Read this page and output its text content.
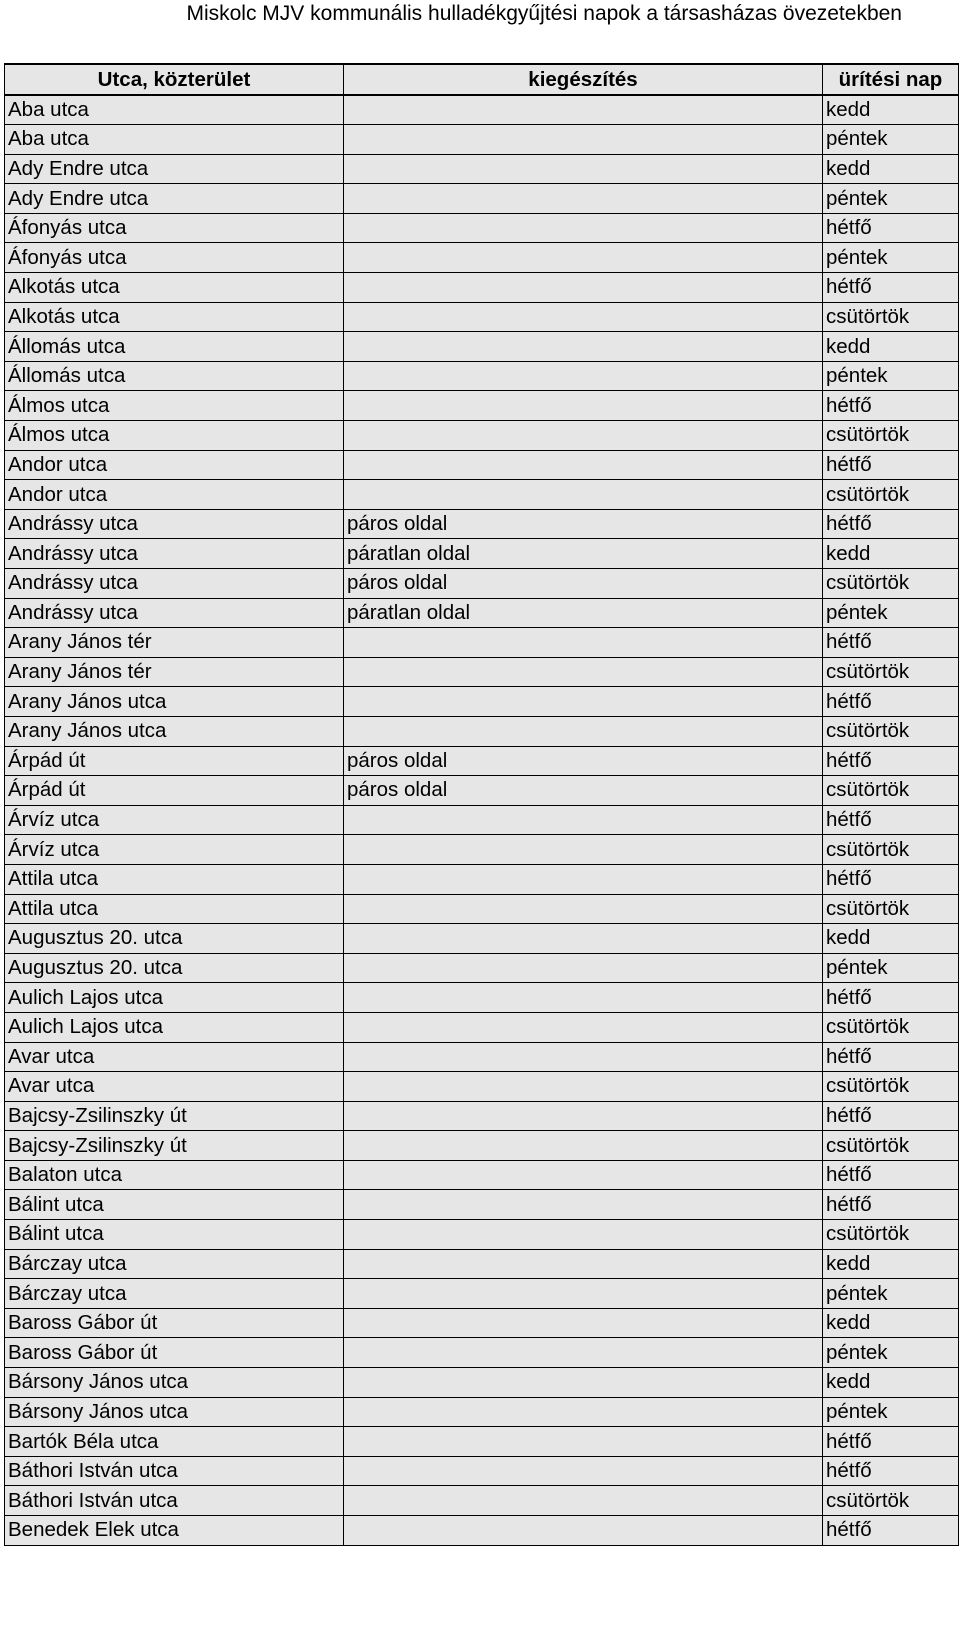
Miskolc MJV kommunális hulladékgyűjtési napok a társasházas övezetekben
Utca, közterület	kiegészítés	ürítési nap
Aba utca		kedd
Aba utca		péntek
Ady Endre utca		kedd
Ady Endre utca		péntek
Áfonyás utca		hétfő
Áfonyás utca		péntek
Alkotás utca		hétfő
Alkotás utca		csütörtök
Állomás utca		kedd
Állomás utca		péntek
Álmos utca		hétfő
Álmos utca		csütörtök
Andor utca		hétfő
Andor utca		csütörtök
Andrássy utca	páros oldal	hétfő
Andrássy utca	páratlan oldal	kedd
Andrássy utca	páros oldal	csütörtök
Andrássy utca	páratlan oldal	péntek
Arany János tér		hétfő
Arany János tér		csütörtök
Arany János utca		hétfő
Arany János utca		csütörtök
Árpád út	páros oldal	hétfő
Árpád út	páros oldal	csütörtök
Árvíz utca		hétfő
Árvíz utca		csütörtök
Attila utca		hétfő
Attila utca		csütörtök
Augusztus 20. utca		kedd
Augusztus 20. utca		péntek
Aulich Lajos utca		hétfő
Aulich Lajos utca		csütörtök
Avar utca		hétfő
Avar utca		csütörtök
Bajcsy-Zsilinszky út		hétfő
Bajcsy-Zsilinszky út		csütörtök
Balaton utca		hétfő
Bálint utca		hétfő
Bálint utca		csütörtök
Bárczay utca		kedd
Bárczay utca		péntek
Baross Gábor út		kedd
Baross Gábor út		péntek
Bársony János utca		kedd
Bársony János utca		péntek
Bartók Béla utca		hétfő
Báthori István utca		hétfő
Báthori István utca		csütörtök
Benedek Elek utca		hétfő
